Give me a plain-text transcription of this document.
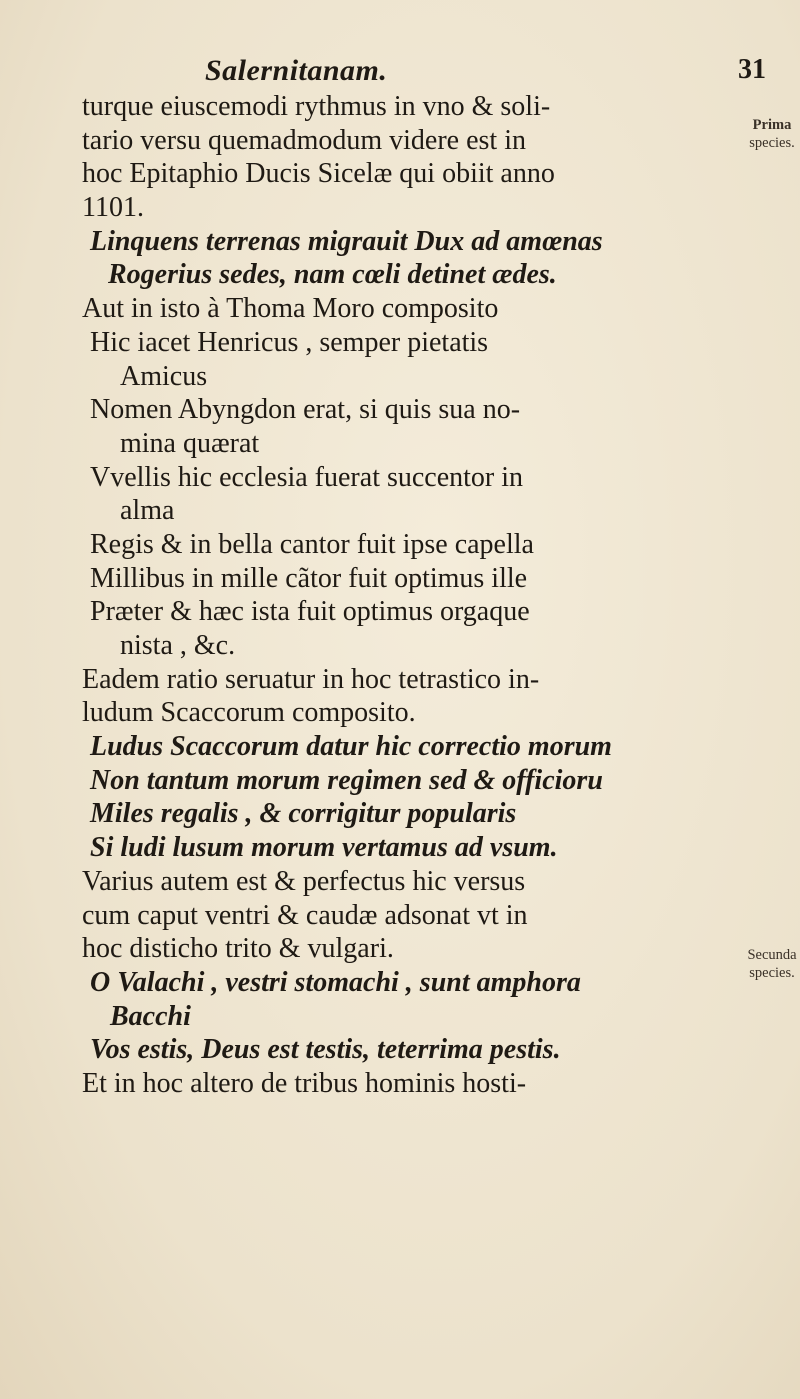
Salernitanam.	31
turque eiuscemodi rythmus in vno & soli-
tario versu quemadmodum videre est in
hoc Epitaphio Ducis Sicelæ qui obiit anno
1101.
Linquens terrenas migrauit Dux ad amœnas
Rogerius sedes, nam cœli detinet ædes.
Aut in isto à Thoma Moro composito
Hic iacet Henricus , semper pietatis
Amicus
Nomen Abyngdon erat, si quis sua no-
mina quærat
Vvellis hic ecclesia fuerat succentor in
alma
Regis & in bella cantor fuit ipse capella
Millibus in mille cãtor fuit optimus ille
Præter & hæc ista fuit optimus orgaque
nista , &c.
Eadem ratio seruatur in hoc tetrastico in-
ludum Scaccorum composito.
Ludus Scaccorum datur hic correctio morum
Non tantum morum regimen sed & officioru
Miles regalis , & corrigitur popularis
Si ludi lusum morum vertamus ad vsum.
Varius autem est & perfectus hic versus
cum caput ventri & caudæ adsonat vt in
hoc disticho trito & vulgari.
O Valachi , vestri stomachi , sunt amphora
Bacchi
Vos estis, Deus est testis, teterrima pestis.
Et in hoc altero de tribus hominis hosti-
Prima
species.
Secunda
species.
